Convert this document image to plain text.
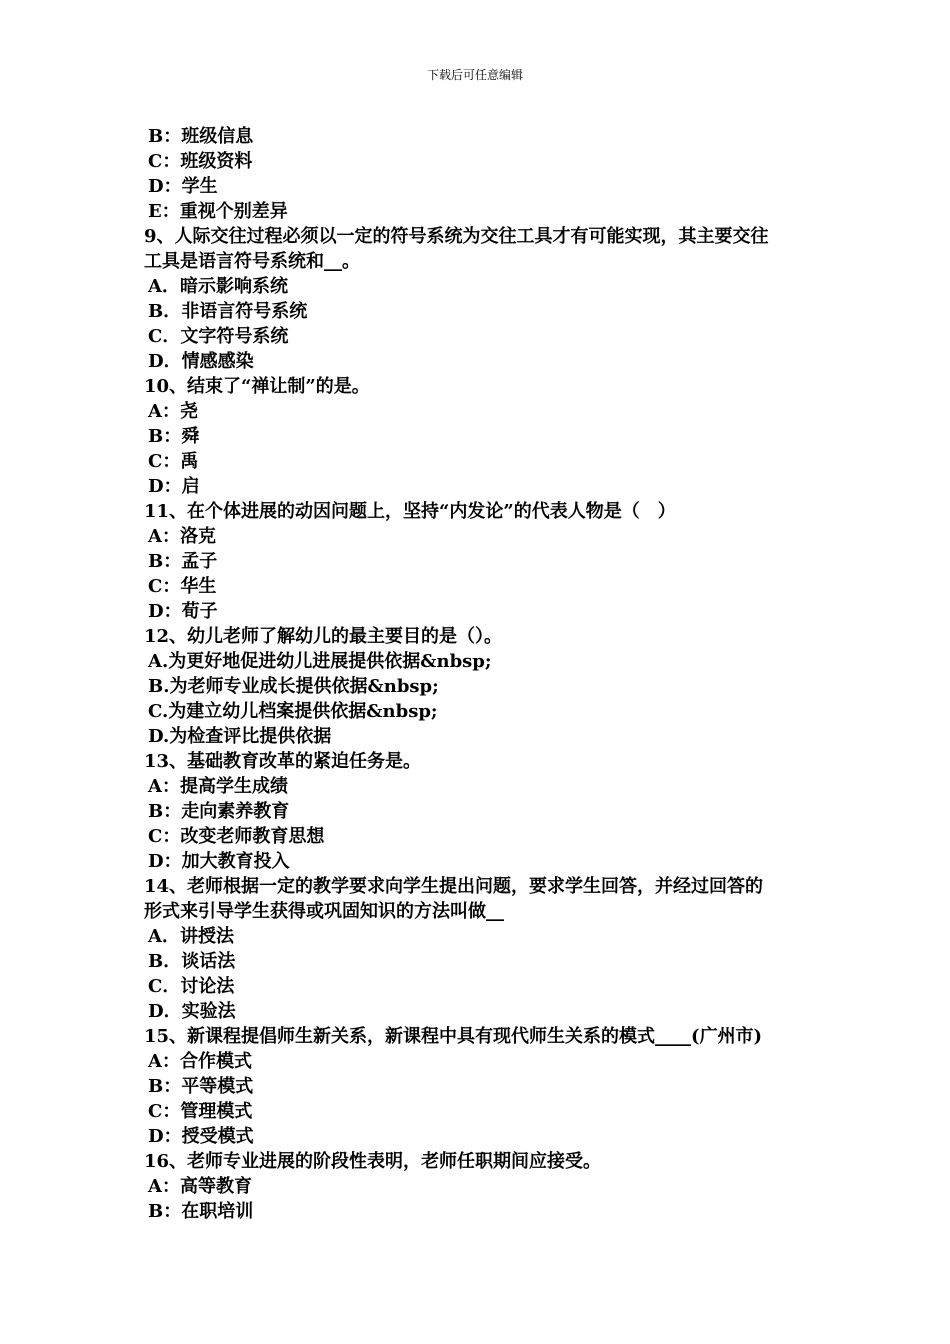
下载后可任意编辑
B：班级信息
C：班级资料
D：学生
E：重视个别差异
9、人际交往过程必须以一定的符号系统为交往工具才有可能实现，其主要交往
工具是语言符号系统和__。
A．暗示影响系统
B．非语言符号系统
C．文字符号系统
D．情感感染
10、结束了“禅让制”的是。
A：尧
B：舜
C：禹
D：启
11、在个体进展的动因问题上，坚持“内发论”的代表人物是（　）
A：洛克
B：孟子
C：华生
D：荀子
12、幼儿老师了解幼儿的最主要目的是（）。
A.为更好地促进幼儿进展提供依据&nbsp;
B.为老师专业成长提供依据&nbsp;
C.为建立幼儿档案提供依据&nbsp;
D.为检查评比提供依据
13、基础教育改革的紧迫任务是。
A：提高学生成绩
B：走向素养教育
C：改变老师教育思想
D：加大教育投入
14、老师根据一定的教学要求向学生提出问题，要求学生回答，并经过回答的
形式来引导学生获得或巩固知识的方法叫做__
A．讲授法
B．谈话法
C．讨论法
D．实验法
15、新课程提倡师生新关系，新课程中具有现代师生关系的模式____(广州市)
A：合作模式
B：平等模式
C：管理模式
D：授受模式
16、老师专业进展的阶段性表明，老师任职期间应接受。
A：高等教育
B：在职培训
